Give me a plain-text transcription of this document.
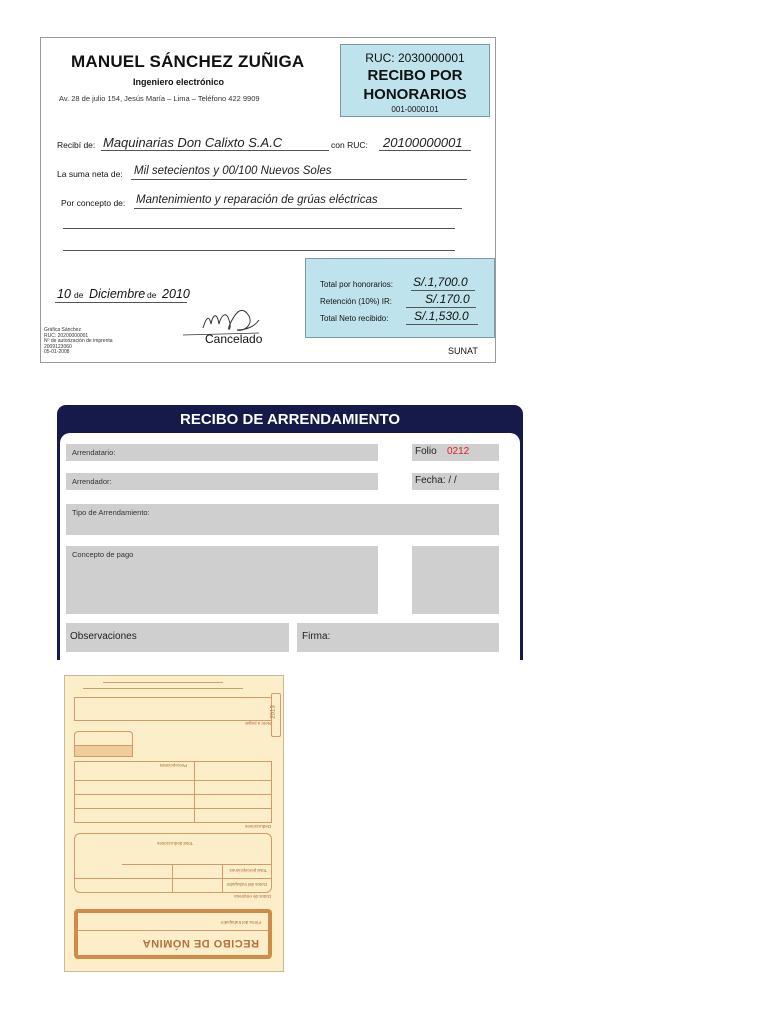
MANUEL SÁNCHEZ ZUÑIGA
Ingeniero electrónico
Av. 28 de julio 154, Jesús María – Lima – Teléfono 422 9909
RUC: 2030000001
RECIBO POR
HONORARIOS
001-0000101
Recibí de: Maquinarias Don Calixto S.A.C	con RUC: 20100000001
La suma neta de: Mil setecientos y 00/100 Nuevos Soles
Por concepto de: Mantenimiento y reparación de grúas eléctricas
10 de Diciembre de 2010
Cancelado
Gráfica Sánchez
RUC: 20200000001
Nº de autorización de imprenta
2009123060
05-01-2008
Total por honorarios: S/.1,700.0
Retención (10%) IR:	S/.170.0
Total Neto recibido: S/.1,530.0
SUNAT
RECIBO DE ARRENDAMIENTO
Arrendatario:	Folio 0212
Arrendador:	Fecha: / /
Tipo de Arrendamiento:
Concepto de pago
Observaciones	Firma:
RECIBO DE NÓMINA
Firma del trabajador
Datos de empresa
Datos del trabajador
Total percepciones
Total deducciones
Deducciones
Percepciones
Neto a pagar
2013
